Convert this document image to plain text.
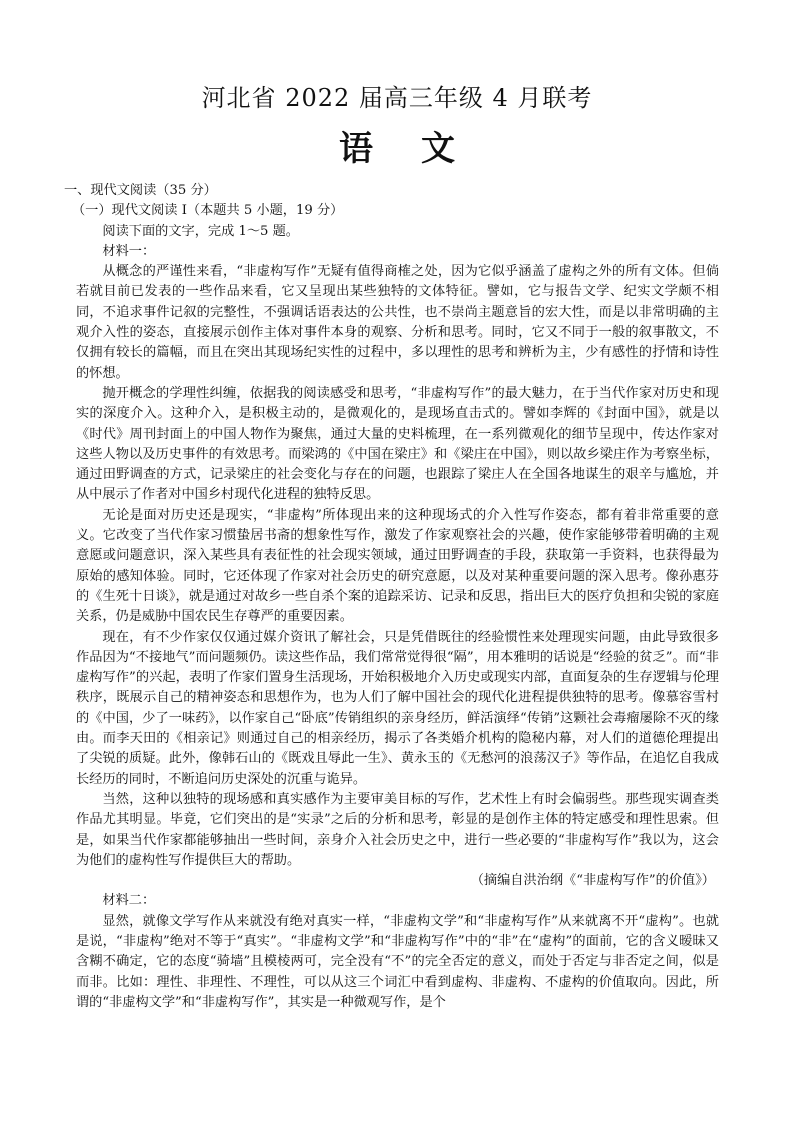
河北省 2022 届高三年级 4 月联考
语 文

一、现代文阅读（35 分）

（一）现代文阅读 I（本题共 5 小题，19 分）

阅读下面的文字，完成 1～5 题。

材料一：

从概念的严谨性来看，“非虚构写作”无疑有值得商榷之处，因为它似乎涵盖了虚构之外的所有文体。但倘若就目前已发表的一些作品来看，它又呈现出某些独特的文体特征。譬如，它与报告文学、纪实文学颇不相同，不追求事件记叙的完整性，不强调话语表达的公共性，也不崇尚主题意旨的宏大性，而是以非常明确的主观介入性的姿态，直接展示创作主体对事件本身的观察、分析和思考。同时，它又不同于一般的叙事散文，不仅拥有较长的篇幅，而且在突出其现场纪实性的过程中，多以理性的思考和辨析为主，少有感性的抒情和诗性的怀想。

抛开概念的学理性纠缠，依据我的阅读感受和思考，“非虚构写作”的最大魅力，在于当代作家对历史和现实的深度介入。这种介入，是积极主动的，是微观化的，是现场直击式的。譬如李辉的《封面中国》，就是以《时代》周刊封面上的中国人物作为聚焦，通过大量的史料梳理，在一系列微观化的细节呈现中，传达作家对这些人物以及历史事件的有效思考。而梁鸿的《中国在梁庄》和《梁庄在中国》，则以故乡梁庄作为考察坐标，通过田野调查的方式，记录梁庄的社会变化与存在的问题，也跟踪了梁庄人在全国各地谋生的艰辛与尴尬，并从中展示了作者对中国乡村现代化进程的独特反思。

无论是面对历史还是现实，“非虚构”所体现出来的这种现场式的介入性写作姿态，都有着非常重要的意义。它改变了当代作家习惯蛰居书斋的想象性写作，激发了作家观察社会的兴趣，使作家能够带着明确的主观意愿或问题意识，深入某些具有表征性的社会现实领域，通过田野调查的手段，获取第一手资料，也获得最为原始的感知体验。同时，它还体现了作家对社会历史的研究意愿，以及对某种重要问题的深入思考。像孙惠芬的《生死十日谈》，就是通过对故乡一些自杀个案的追踪采访、记录和反思，指出巨大的医疗负担和尖锐的家庭关系，仍是威胁中国农民生存尊严的重要因素。

现在，有不少作家仅仅通过媒介资讯了解社会，只是凭借既往的经验惯性来处理现实问题，由此导致很多作品因为“不接地气”而问题频仍。读这些作品，我们常常觉得很“隔”，用本雅明的话说是“经验的贫乏”。而“非虚构写作”的兴起，表明了作家们置身生活现场，开始积极地介入历史或现实内部，直面复杂的生存逻辑与伦理秩序，既展示自己的精神姿态和思想作为，也为人们了解中国社会的现代化进程提供独特的思考。像慕容雪村的《中国，少了一味药》，以作家自己“卧底”传销组织的亲身经历，鲜活演绎“传销”这颗社会毒瘤屡除不灭的缘由。而李天田的《相亲记》则通过自己的相亲经历，揭示了各类婚介机构的隐秘内幕，对人们的道德伦理提出了尖锐的质疑。此外，像韩石山的《既戏且辱此一生》、黄永玉的《无愁河的浪荡汉子》等作品，在追忆自我成长经历的同时，不断追问历史深处的沉重与诡异。

当然，这种以独特的现场感和真实感作为主要审美目标的写作，艺术性上有时会偏弱些。那些现实调查类作品尤其明显。毕竟，它们突出的是“实录”之后的分析和思考，彰显的是创作主体的特定感受和理性思索。但是，如果当代作家都能够抽出一些时间，亲身介入社会历史之中，进行一些必要的“非虚构写作”我以为，这会为他们的虚构性写作提供巨大的帮助。

（摘编自洪治纲《“非虚构写作”的价值》）

材料二：

显然，就像文学写作从来就没有绝对真实一样，“非虚构文学”和“非虚构写作”从来就离不开“虚构”。也就是说，“非虚构”绝对不等于“真实”。“非虚构文学”和“非虚构写作”中的“非”在“虚构”的面前，它的含义暧昧又含糊不确定，它的态度“骑墙”且模棱两可，完全没有“不”的完全否定的意义，而处于否定与非否定之间，似是而非。比如：理性、非理性、不理性，可以从这三个词汇中看到虚构、非虚构、不虚构的价值取向。因此，所谓的“非虚构文学”和“非虚构写作”，其实是一种微观写作，是个
